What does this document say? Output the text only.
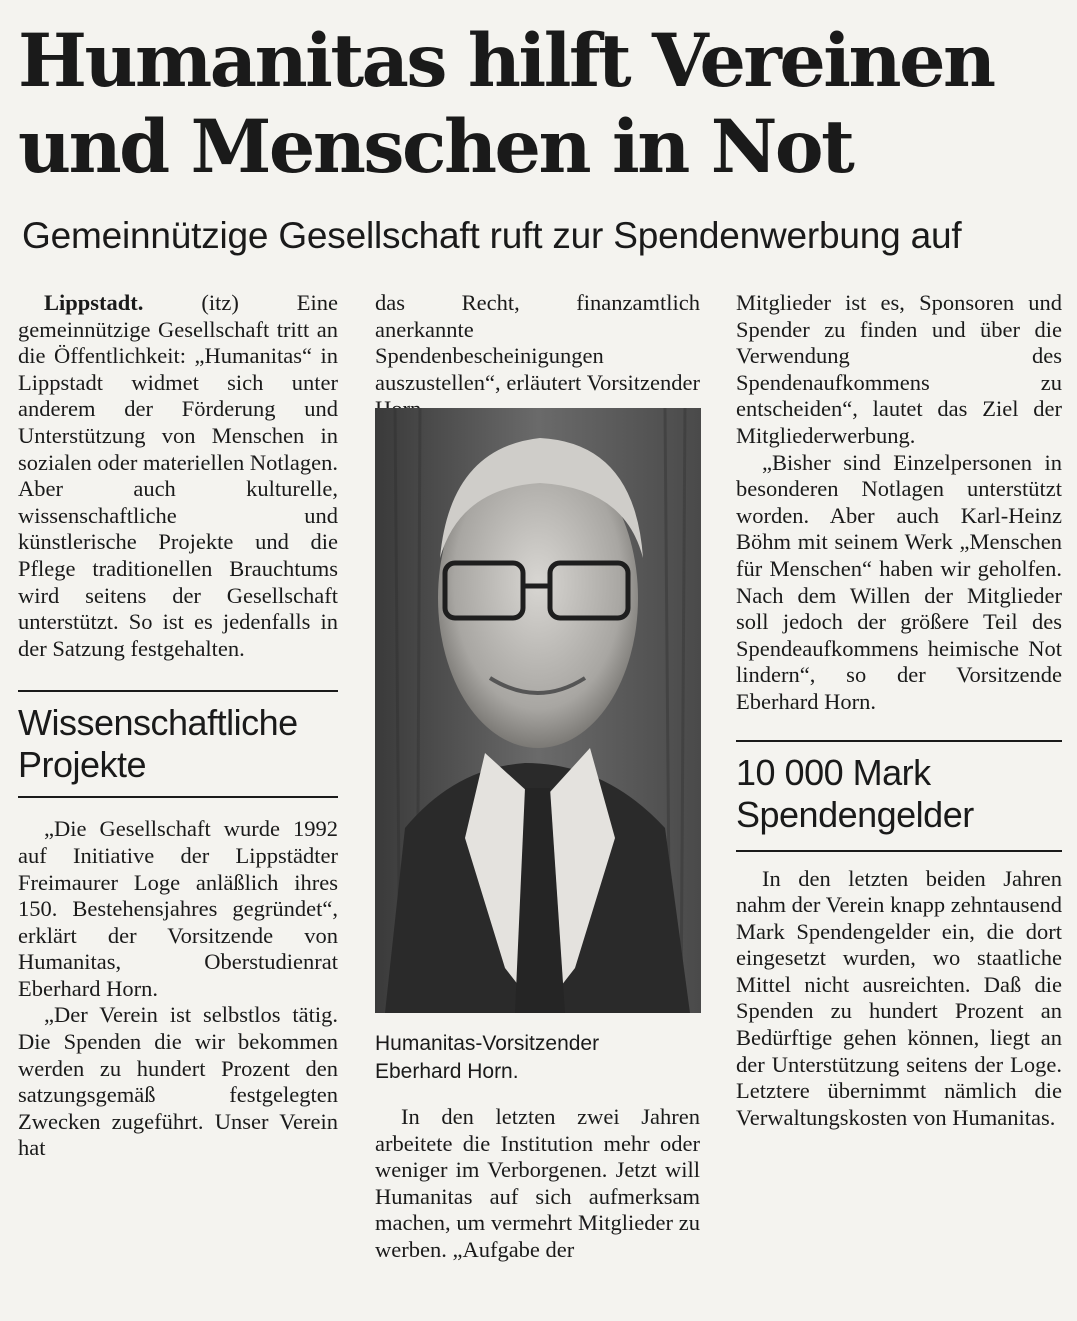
Humanitas hilft Vereinen
und Menschen in Not
Gemeinnützige Gesellschaft ruft zur Spendenwerbung auf

Lippstadt.	(itz) Eine gemeinnützige Gesellschaft tritt an die Öffentlichkeit: „Humanitas“ in Lippstadt widmet sich unter anderem der Förderung und Unterstützung von Menschen in sozialen oder materiellen Notlagen. Aber auch kulturelle, wissenschaftliche und künstlerische Projekte und die Pflege traditionellen Brauchtums wird seitens der Gesellschaft unterstützt. So ist es jedenfalls in der Satzung festgehalten.

Wissenschaftliche Projekte

„Die Gesellschaft wurde 1992 auf Initiative der Lippstädter Freimaurer Loge anläßlich ihres 150. Bestehensjahres gegründet“, erklärt der Vorsitzende von Humanitas, Oberstudienrat Eberhard Horn.

„Der Verein ist selbstlos tätig. Die Spenden die wir bekommen werden zu hundert Prozent den satzungsgemäß festgelegten Zwecken zugeführt. Unser Verein hat

das Recht, finanzamtlich anerkannte Spendenbescheinigungen auszustellen“, erläutert Vorsitzender

Humanitas-Vorsitzender
Eberhard Horn.

In den letzten zwei Jahren arbeitete die Institution mehr oder weniger im Verborgenen. Jetzt will Humanitas auf sich aufmerksam machen, um vermehrt Mitglieder zu werben. „Aufgabe der

Mitglieder ist es, Sponsoren und Spender zu finden und über die Verwendung des Spendenaufkommens zu entscheiden“, lautet das Ziel der Mitgliederwerbung.

„Bisher sind Einzelpersonen in besonderen Notlagen unterstützt worden. Aber auch Karl-Heinz Böhm mit seinem Werk „Menschen für Menschen“ haben wir geholfen. Nach dem Willen der Mitglieder soll jedoch der größere Teil des Spendeaufkommens heimische Not lindern“, so der Vorsitzende Eberhard Horn.

10 000 Mark
Spendengelder

In den letzten beiden Jahren nahm der Verein knapp zehntausend Mark Spendengelder ein, die dort eingesetzt wurden, wo staatliche Mittel nicht ausreichten. Daß die Spenden zu hundert Prozent an Bedürftige gehen können, liegt an der Unterstützung seitens der Loge. Letztere übernimmt nämlich die Verwaltungskosten von Humanitas.
